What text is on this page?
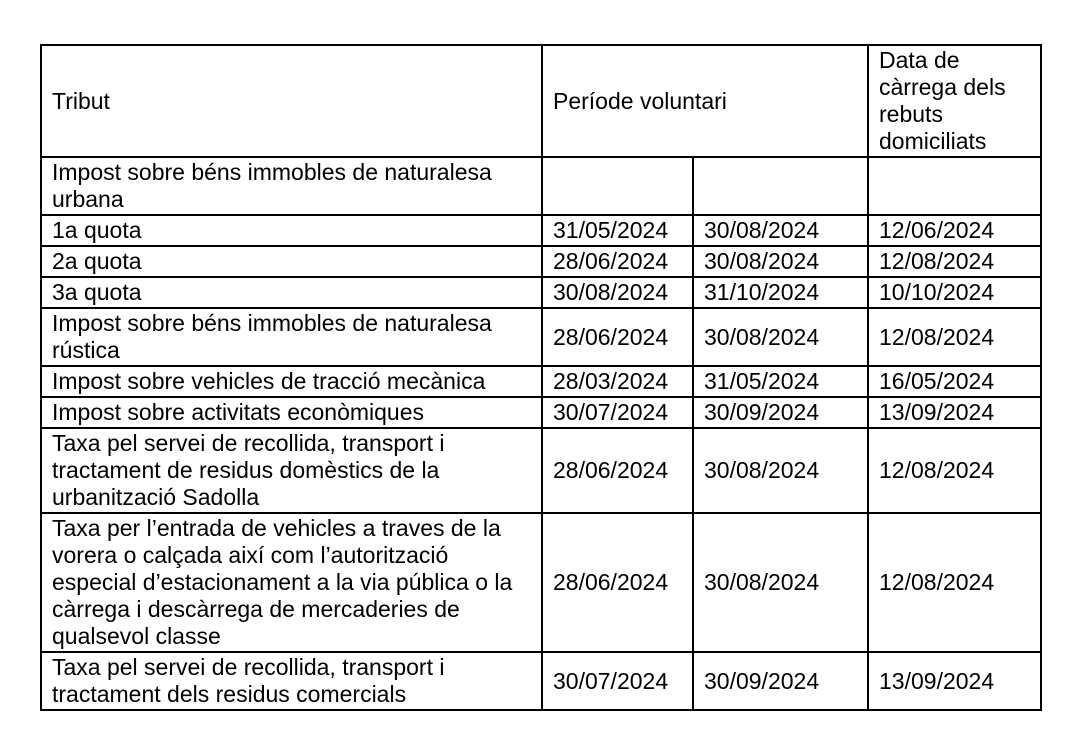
Tribut	Període voluntari		Data de càrrega dels rebuts domiciliats
Impost sobre béns immobles de naturalesa urbana			
1a quota	31/05/2024	30/08/2024	12/06/2024
2a quota	28/06/2024	30/08/2024	12/08/2024
3a quota	30/08/2024	31/10/2024	10/10/2024
Impost sobre béns immobles de naturalesa rústica	28/06/2024	30/08/2024	12/08/2024
Impost sobre vehicles de tracció mecànica	28/03/2024	31/05/2024	16/05/2024
Impost sobre activitats econòmiques	30/07/2024	30/09/2024	13/09/2024
Taxa pel servei de recollida, transport i tractament de residus domèstics de la urbanització Sadolla	28/06/2024	30/08/2024	12/08/2024
Taxa per l’entrada de vehicles a traves de la vorera o calçada així com l’autorització especial d’estacionament a la via pública o la càrrega i descàrrega de mercaderies de qualsevol classe	28/06/2024	30/08/2024	12/08/2024
Taxa pel servei de recollida, transport i tractament dels residus comercials	30/07/2024	30/09/2024	13/09/2024
